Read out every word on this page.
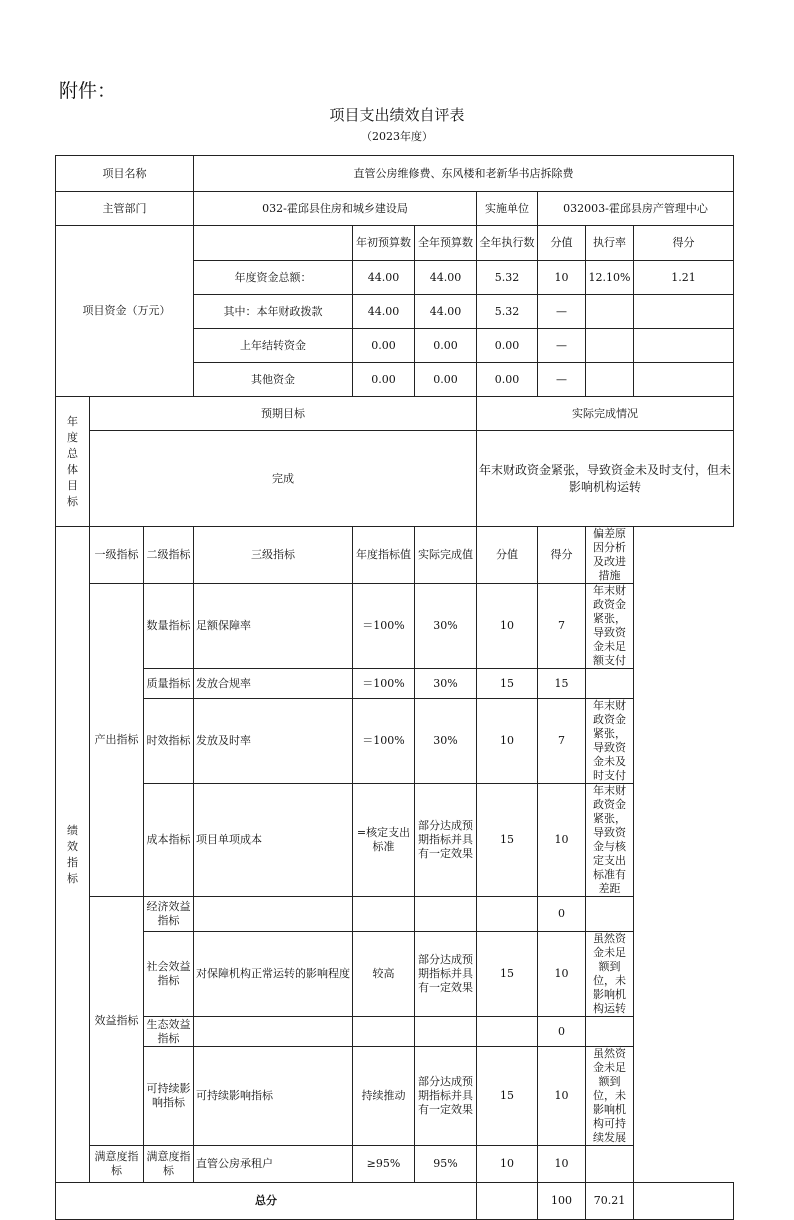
附件：
项目支出绩效自评表
（2023年度）
项目名称			直管公房维修费、东风楼和老新华书店拆除费						
主管部门			032-霍邱县住房和城乡建设局			实施单位	032003-霍邱县房产管理中心		

项目资金（万元）				年初预算数	全年预算数	全年执行数	分值	执行率	得分
			年度资金总额：	44.00	44.00	5.32	10	12.10%	1.21
			其中：本年财政拨款	44.00	44.00	5.32	—		
			上年结转资金	0.00	0.00	0.00	—		
			其他资金	0.00	0.00	0.00	—		
年度总体目标	预期目标					实际完成情况			
	完成					年末财政资金紧张，导致资金未及时支付，但未影响机构运转			
绩效指标	一级指标	二级指标	三级指标	年度指标值	实际完成值	分值	得分	偏差原因分析及改进措施	
	产出指标	数量指标	足额保障率	＝100%	30%	10	7	年末财政资金紧张，导致资金未足额支付	
		质量指标	发放合规率	＝100%	30%	15	15		
		时效指标	发放及时率	＝100%	30%	10	7	年末财政资金紧张，导致资金未及时支付	
		成本指标	项目单项成本	=核定支出标准	部分达成预期指标并具有一定效果	15	10	年末财政资金紧张，导致资金与核定支出标准有差距	
	效益指标	经济效益指标					0		
		社会效益指标	对保障机构正常运转的影响程度	较高	部分达成预期指标并具有一定效果	15	10	虽然资金未足额到位，未影响机构运转	
		生态效益指标					0		
		可持续影响指标	可持续影响指标	持续推动	部分达成预期指标并具有一定效果	15	10	虽然资金未足额到位，未影响机构可持续发展	
	满意度指标	满意度指标	直管公房承租户	≥95%	95%	10	10		
总分							100	70.21	
